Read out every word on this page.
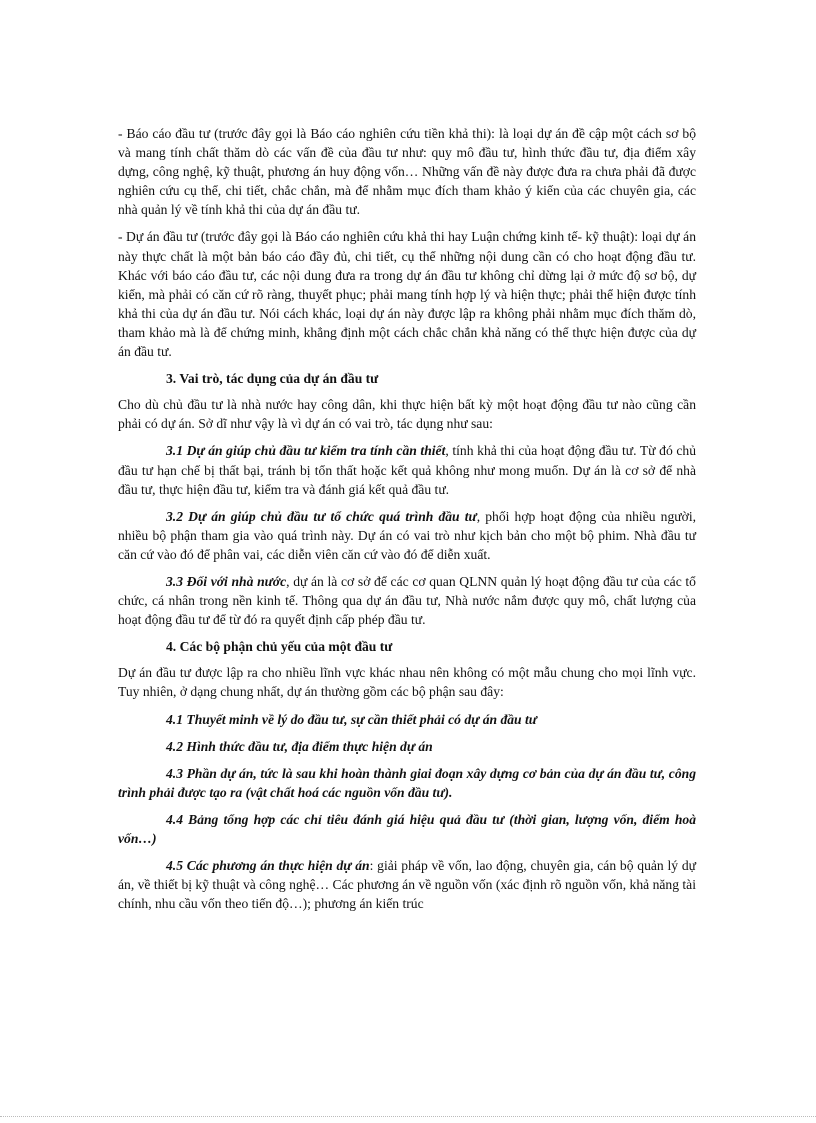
- Báo cáo đầu tư (trước đây gọi là Báo cáo nghiên cứu tiền khả thi): là loại dự án đề cập một cách sơ bộ và mang tính chất thăm dò các vấn đề của đầu tư như: quy mô đầu tư, hình thức đầu tư, địa điểm xây dựng, công nghệ, kỹ thuật, phương án huy động vốn… Những vấn đề này được đưa ra chưa phải đã được nghiên cứu cụ thể, chi tiết, chắc chắn, mà để nhằm mục đích tham khảo ý kiến của các chuyên gia, các nhà quản lý về tính khả thi của dự án đầu tư.

- Dự án đầu tư (trước đây gọi là Báo cáo nghiên cứu khả thi hay Luận chứng kinh tế- kỹ thuật): loại dự án này thực chất là một bản báo cáo đầy đủ, chi tiết, cụ thể những nội dung cần có cho hoạt động đầu tư. Khác với báo cáo đầu tư, các nội dung đưa ra trong dự án đầu tư không chỉ dừng lại ở mức độ sơ bộ, dự kiến, mà phải có căn cứ rõ ràng, thuyết phục; phải mang tính hợp lý và hiện thực; phải thể hiện được tính khả thi của dự án đầu tư. Nói cách khác, loại dự án này được lập ra không phải nhằm mục đích thăm dò, tham khảo mà là để chứng minh, khẳng định một cách chắc chắn khả năng có thể thực hiện được của dự án đầu tư.

3. Vai trò, tác dụng của dự án đầu tư

Cho dù chủ đầu tư là nhà nước hay công dân, khi thực hiện bất kỳ một hoạt động đầu tư nào cũng cần phải có dự án. Sở dĩ như vậy là vì dự án có vai trò, tác dụng như sau:

3.1 Dự án giúp chủ đầu tư kiểm tra tính cần thiết, tính khả thi của hoạt động đầu tư. Từ đó chủ đầu tư hạn chế bị thất bại, tránh bị tổn thất hoặc kết quả không như mong muốn. Dự án là cơ sở để nhà đầu tư, thực hiện đầu tư, kiểm tra và đánh giá kết quả đầu tư.

3.2 Dự án giúp chủ đầu tư tổ chức quá trình đầu tư, phối hợp hoạt động của nhiều người, nhiều bộ phận tham gia vào quá trình này. Dự án có vai trò như kịch bản cho một bộ phim. Nhà đầu tư căn cứ vào đó để phân vai, các diễn viên căn cứ vào đó để diễn xuất.

3.3 Đối với nhà nước, dự án là cơ sở để các cơ quan QLNN quản lý hoạt động đầu tư của các tổ chức, cá nhân trong nền kinh tế. Thông qua dự án đầu tư, Nhà nước nắm được quy mô, chất lượng của hoạt động đầu tư để từ đó ra quyết định cấp phép đầu tư.

4. Các bộ phận chủ yếu của một đầu tư

Dự án đầu tư được lập ra cho nhiều lĩnh vực khác nhau nên không có một mẫu chung cho mọi lĩnh vực. Tuy nhiên, ở dạng chung nhất, dự án thường gồm các bộ phận sau đây:

4.1 Thuyết minh về lý do đầu tư, sự cần thiết phải có dự án đầu tư

4.2 Hình thức đầu tư, địa điểm thực hiện dự án

4.3 Phần dự án, tức là sau khi hoàn thành giai đoạn xây dựng cơ bản của dự án đầu tư, công trình phải được tạo ra (vật chất hoá các nguồn vốn đầu tư).

4.4 Bảng tổng hợp các chỉ tiêu đánh giá hiệu quả đầu tư (thời gian, lượng vốn, điểm hoà vốn…)

4.5 Các phương án thực hiện dự án: giải pháp về vốn, lao động, chuyên gia, cán bộ quản lý dự án, về thiết bị kỹ thuật và công nghệ… Các phương án về nguồn vốn (xác định rõ nguồn vốn, khả năng tài chính, nhu cầu vốn theo tiến độ…); phương án kiến trúc
